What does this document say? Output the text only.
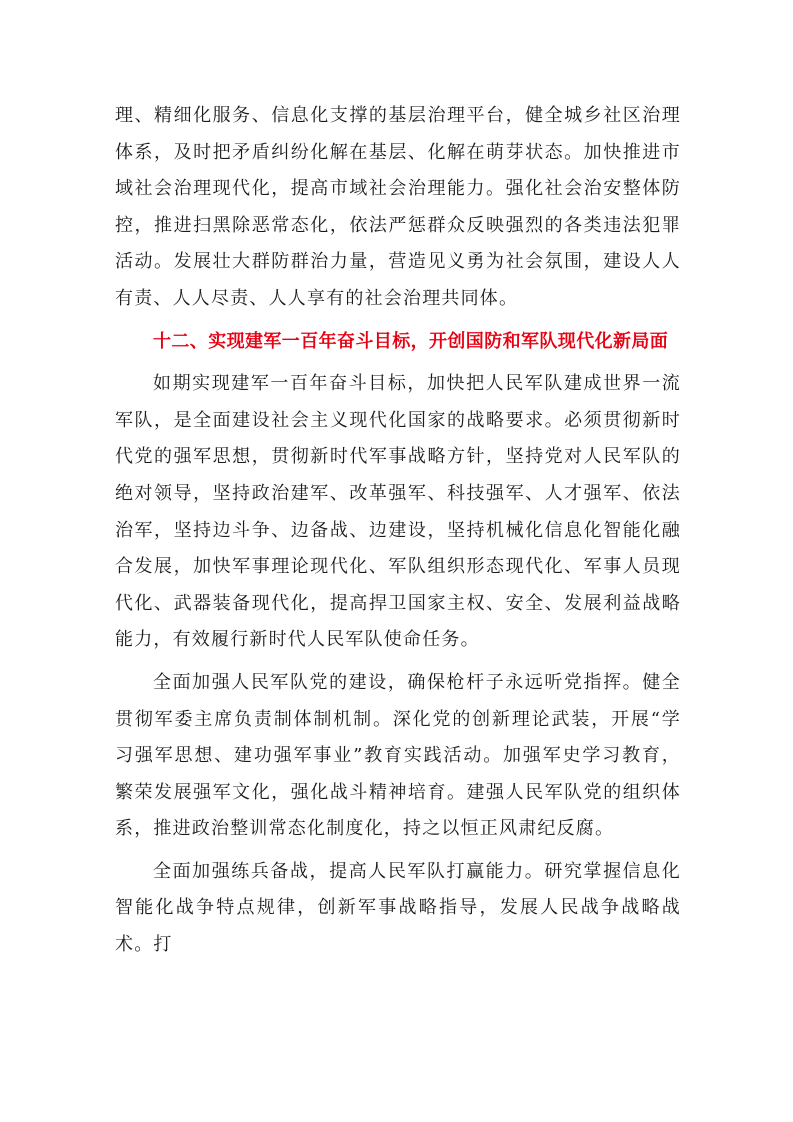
理、精细化服务、信息化支撑的基层治理平台，健全城乡社区治理体系，及时把矛盾纠纷化解在基层、化解在萌芽状态。加快推进市域社会治理现代化，提高市域社会治理能力。强化社会治安整体防控，推进扫黑除恶常态化，依法严惩群众反映强烈的各类违法犯罪活动。发展壮大群防群治力量，营造见义勇为社会氛围，建设人人有责、人人尽责、人人享有的社会治理共同体。

十二、实现建军一百年奋斗目标，开创国防和军队现代化新局面

如期实现建军一百年奋斗目标，加快把人民军队建成世界一流军队，是全面建设社会主义现代化国家的战略要求。必须贯彻新时代党的强军思想，贯彻新时代军事战略方针，坚持党对人民军队的绝对领导，坚持政治建军、改革强军、科技强军、人才强军、依法治军，坚持边斗争、边备战、边建设，坚持机械化信息化智能化融合发展，加快军事理论现代化、军队组织形态现代化、军事人员现代化、武器装备现代化，提高捍卫国家主权、安全、发展利益战略能力，有效履行新时代人民军队使命任务。

全面加强人民军队党的建设，确保枪杆子永远听党指挥。健全贯彻军委主席负责制体制机制。深化党的创新理论武装，开展“学习强军思想、建功强军事业”教育实践活动。加强军史学习教育，繁荣发展强军文化，强化战斗精神培育。建强人民军队党的组织体系，推进政治整训常态化制度化，持之以恒正风肃纪反腐。

全面加强练兵备战，提高人民军队打赢能力。研究掌握信息化智能化战争特点规律，创新军事战略指导，发展人民战争战略战术。打
